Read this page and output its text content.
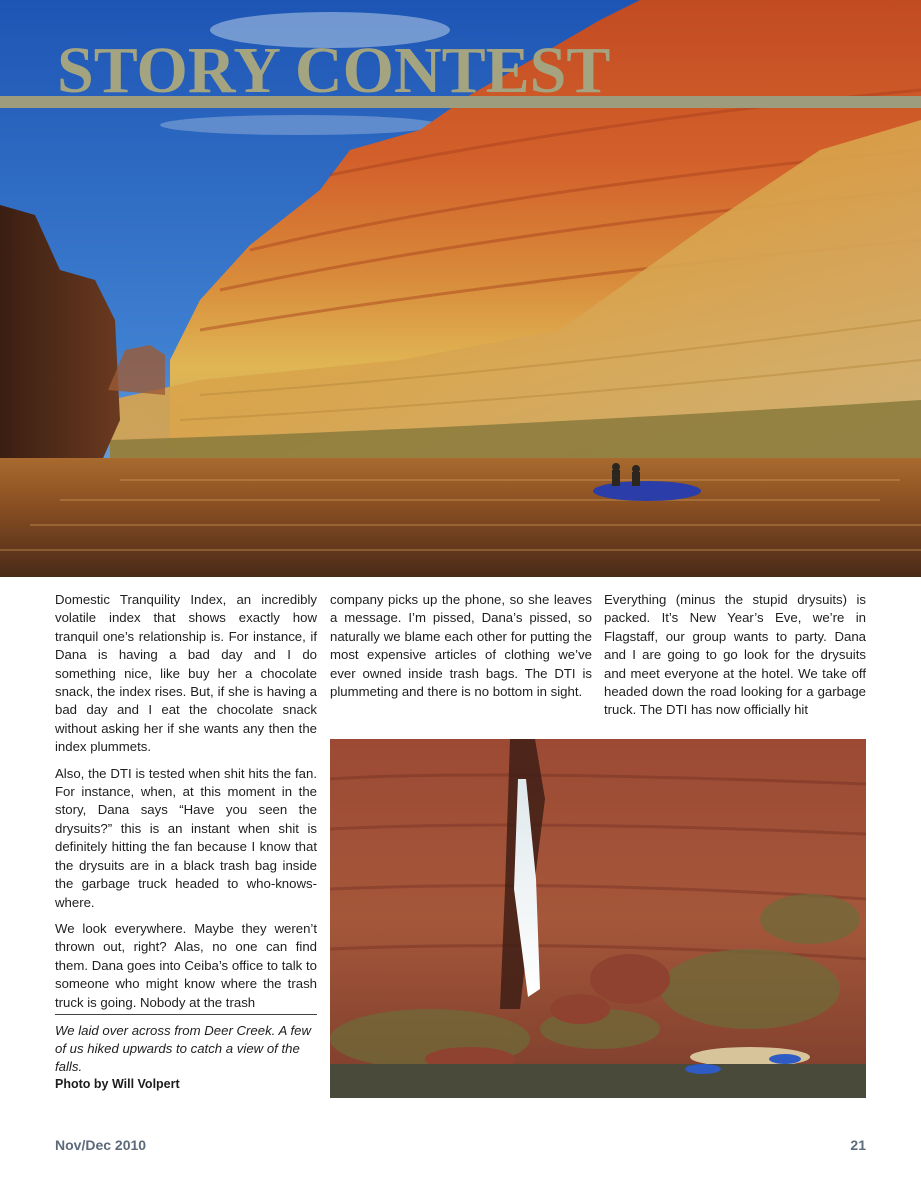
STORY CONTEST

Domestic Tranquility Index, an incredibly volatile index that shows exactly how tranquil one’s relationship is. For instance, if Dana is having a bad day and I do something nice, like buy her a chocolate snack, the index rises. But, if she is having a bad day and I eat the chocolate snack without asking her if she wants any then the index plummets.

Also, the DTI is tested when shit hits the fan. For instance, when, at this moment in the story, Dana says “Have you seen the drysuits?” this is an instant when shit is definitely hitting the fan because I know that the drysuits are in a black trash bag inside the garbage truck headed to who-knows-where.

We look everywhere. Maybe they weren’t thrown out, right? Alas, no one can find them. Dana goes into Ceiba’s office to talk to someone who might know where the trash truck is going. Nobody at the trash

company picks up the phone, so she leaves a message. I’m pissed, Dana’s pissed, so naturally we blame each other for putting the most expensive articles of clothing we’ve ever owned inside trash bags. The DTI is plummeting and there is no bottom in sight.

Everything (minus the stupid drysuits) is packed. It’s New Year’s Eve, we’re in Flagstaff, our group wants to party. Dana and I are going to go look for the drysuits and meet everyone at the hotel. We take off headed down the road looking for a garbage truck. The DTI has now officially hit

We laid over across from Deer Creek. A few of us hiked upwards to catch a view of the falls.
Photo by Will Volpert
Nov/Dec 2010	21
